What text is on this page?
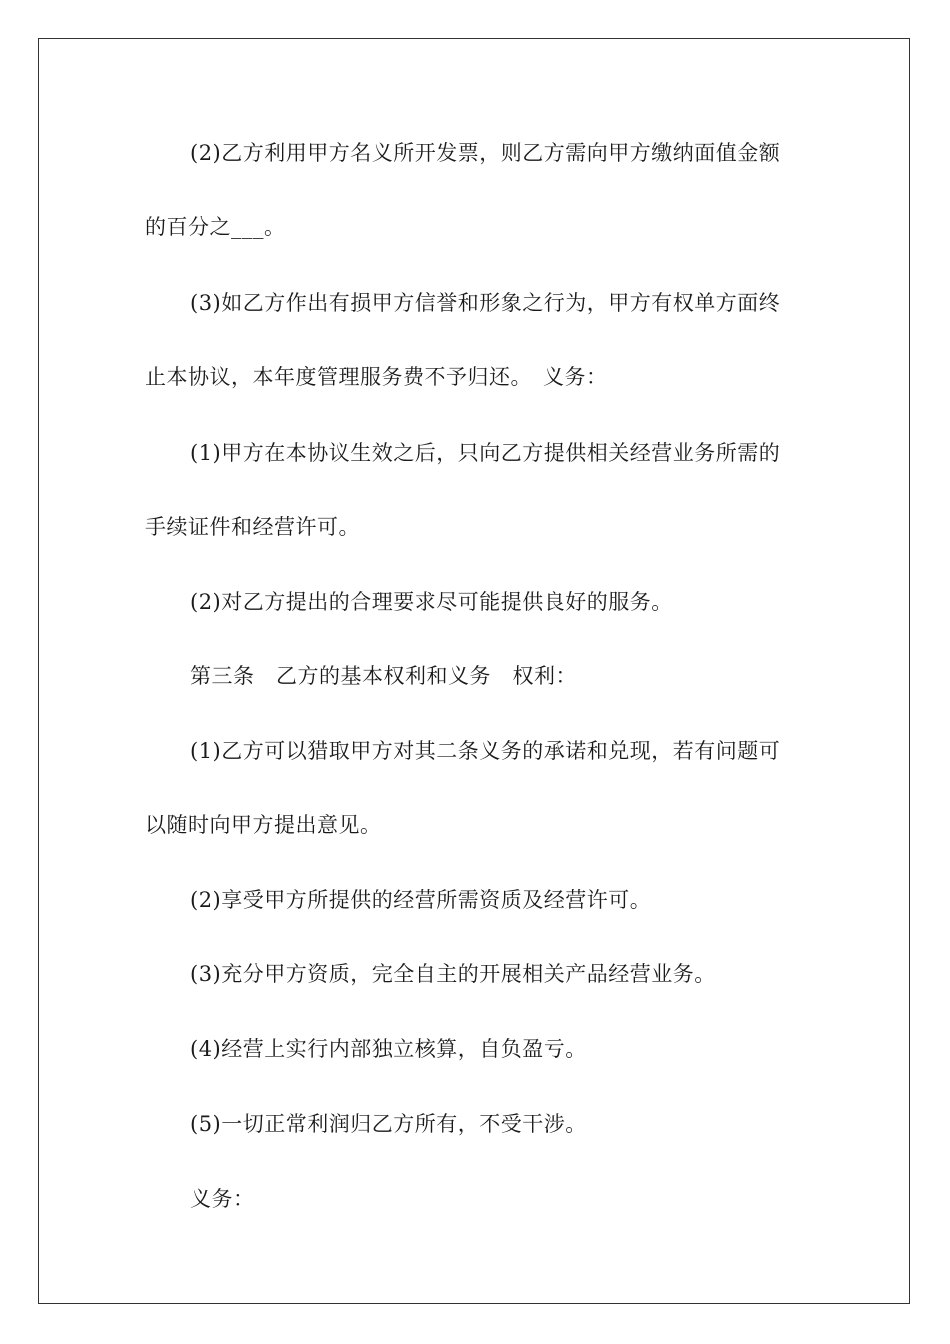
(2)乙方利用甲方名义所开发票，则乙方需向甲方缴纳面值金额
的百分之___。
(3)如乙方作出有损甲方信誉和形象之行为，甲方有权单方面终
止本协议，本年度管理服务费不予归还。　义务：
(1)甲方在本协议生效之后，只向乙方提供相关经营业务所需的
手续证件和经营许可。
(2)对乙方提出的合理要求尽可能提供良好的服务。
第三条　乙方的基本权利和义务　权利：
(1)乙方可以猎取甲方对其二条义务的承诺和兑现，若有问题可
以随时向甲方提出意见。
(2)享受甲方所提供的经营所需资质及经营许可。
(3)充分甲方资质，完全自主的开展相关产品经营业务。
(4)经营上实行内部独立核算，自负盈亏。
(5)一切正常利润归乙方所有，不受干涉。
义务：
